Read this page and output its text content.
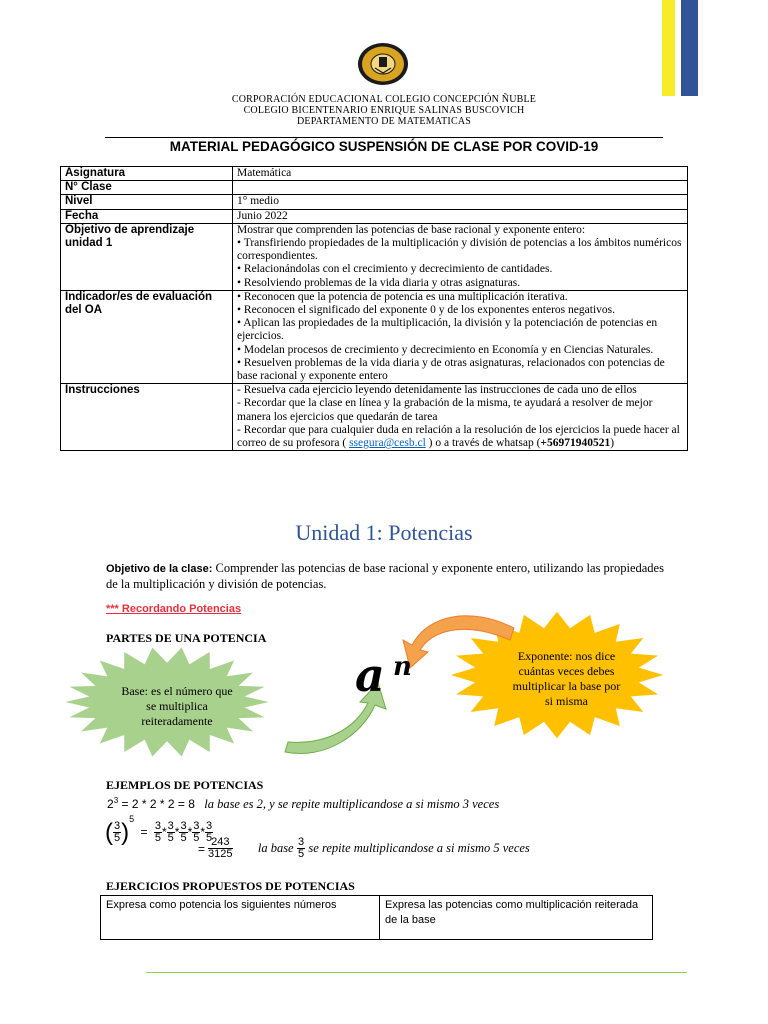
CORPORACIÓN EDUCACIONAL COLEGIO CONCEPCIÓN ÑUBLE
COLEGIO BICENTENARIO ENRIQUE SALINAS BUSCOVICH
DEPARTAMENTO DE MATEMATICAS
MATERIAL PEDAGÓGICO SUSPENSIÓN DE CLASE POR COVID-19
Asignatura	Matemática
N° Clase	
Nivel	1° medio
Fecha	Junio 2022
Objetivo de aprendizaje unidad 1	Mostrar que comprenden las potencias de base racional y exponente entero:
• Transfiriendo propiedades de la multiplicación y división de potencias a los ámbitos numéricos correspondientes.
• Relacionándolas con el crecimiento y decrecimiento de cantidades.
• Resolviendo problemas de la vida diaria y otras asignaturas.

Indicador/es de evaluación del OA	• Reconocen que la potencia de potencia es una multiplicación iterativa.
• Reconocen el significado del exponente 0 y de los exponentes enteros negativos.
• Aplican las propiedades de la multiplicación, la división y la potenciación de potencias en ejercicios.
• Modelan procesos de crecimiento y decrecimiento en Economía y en Ciencias Naturales.
• Resuelven problemas de la vida diaria y de otras asignaturas, relacionados con potencias de base racional y exponente entero

Instrucciones	- Resuelva cada ejercicio leyendo detenidamente las instrucciones de cada uno de ellos
- Recordar que la clase en línea y la grabación de la misma, te ayudará a resolver de mejor manera los ejercicios que quedarán de tarea
- Recordar que para cualquier duda en relación a la resolución de los ejercicios la puede hacer al correo de su profesora ( ssegura@cesb.cl ) o a través de whatsap (+56971940521)
Unidad 1: Potencias
Objetivo de la clase: Comprender las potencias de base racional y exponente entero, utilizando las propiedades de la multiplicación y división de potencias.
*** Recordando Potencias
PARTES DE UNA POTENCIA
Base: es el número que se multiplica reiteradamente
Exponente: nos dice cuántas veces debes multiplicar la base por si misma
a n
EJEMPLOS DE POTENCIAS
$2^3 = 2 * 2 * 2 = 8$ la base es 2, y se repite multiplicandose a si mismo 3 veces
( $\frac{3}{5} )^5 = \frac{3}{5} * \frac{3}{5} * \frac{3}{5} * \frac{3}{5} * \frac{3}{5}$
= $\frac{243}{3125}$ la base $\frac{3}{5}$ se repite multiplicandose a si mismo 5 veces
EJERCICIOS PROPUESTOS DE POTENCIAS
Expresa como potencia los siguientes números	Expresa las potencias como multiplicación reiterada de la base
